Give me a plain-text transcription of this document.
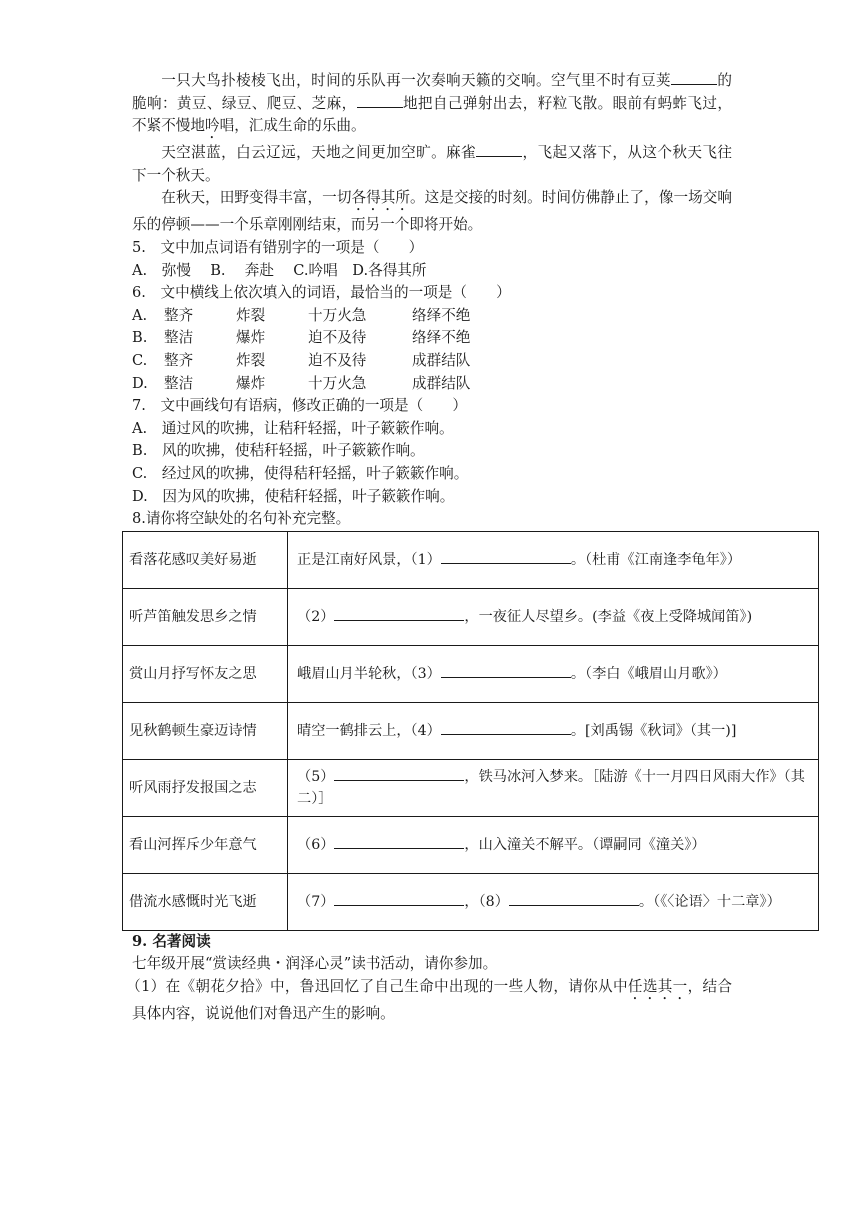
一只大鸟扑棱棱飞出，时间的乐队再一次奏响天籁的交响。空气里不时有豆荚	的脆响：黄豆、绿豆、爬豆、芝麻，	地把自己弹射出去，籽粒飞散。眼前有蚂蚱飞过，不紧不慢地吟唱，汇成生命的乐曲。

天空湛蓝，白云辽远，天地之间更加空旷。麻雀	，飞起又落下，从这个秋天飞往下一个秋天。

在秋天，田野变得丰富，一切各得其所。这是交接的时刻。时间仿佛静止了，像一场交响乐的停顿——一个乐章刚刚结束，而另一个即将开始。

5.　文中加点词语有错别字的一项是（　　）

A.　弥慢　 B.　 奔赴　 C.吟唱　D.各得其所

6.　文中横线上依次填入的词语，最恰当的一项是（　　）

A.	整齐	炸裂	十万火急	络绎不绝
B.	整洁	爆炸	迫不及待	络绎不绝
C.	整齐	炸裂	迫不及待	成群结队
D.	整洁	爆炸	十万火急	成群结队

7.　文中画线句有语病，修改正确的一项是（　　）

A.　通过风的吹拂，让秸秆轻摇，叶子簌簌作响。

B.　风的吹拂，使秸秆轻摇，叶子簌簌作响。

C.　经过风的吹拂，使得秸秆轻摇，叶子簌簌作响。

D.　因为风的吹拂，使秸秆轻摇，叶子簌簌作响。

8.请你将空缺处的名句补充完整。

看落花感叹美好易逝	正是江南好风景，（1） 。（杜甫《江南逢李龟年》）
听芦笛触发思乡之情	（2） ，一夜征人尽望乡。(李益《夜上受降城闻笛》)
赏山月抒写怀友之思	峨眉山月半轮秋，（3） 。（李白《峨眉山月歌》）
见秋鹤顿生豪迈诗情	晴空一鹤排云上，（4） 。[刘禹锡《秋词》（其一)]
听风雨抒发报国之志	（5） ，铁马冰河入梦来。［陆游《十一月四日风雨大作》（其二）］
看山河挥斥少年意气	（6） ，山入潼关不解平。（谭嗣同《潼关》）
借流水感慨时光飞逝	（7） ，（8） 。（《〈论语〉十二章》）

9. 名著阅读

七年级开展“赏读经典・润泽心灵”读书活动，请你参加。

（1）在《朝花夕拾》中，鲁迅回忆了自己生命中出现的一些人物，请你从中任选其一，结合具体内容，说说他们对鲁迅产生的影响。
